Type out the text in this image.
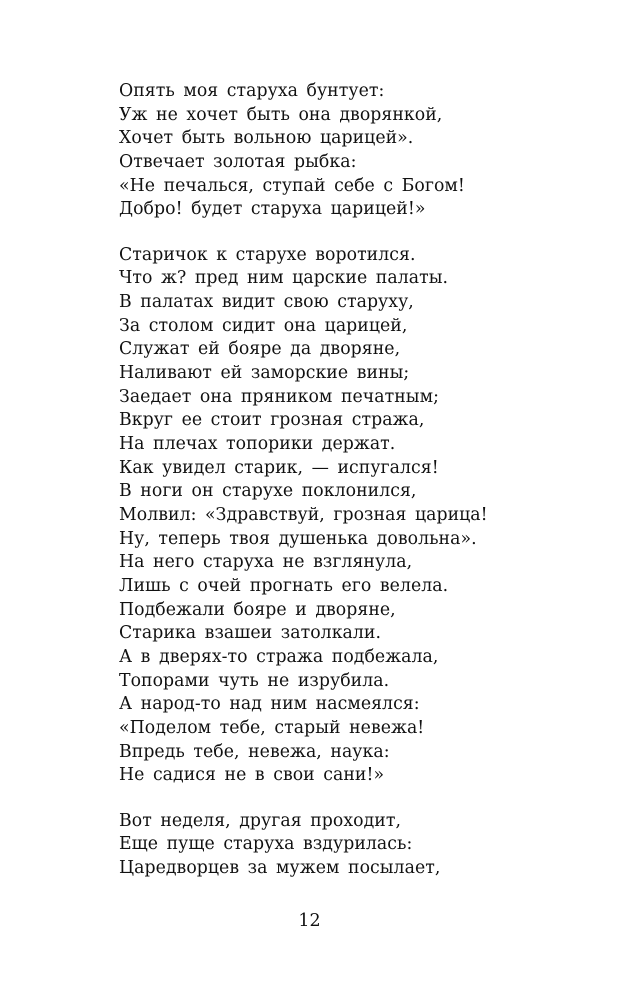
Опять моя старуха бунтует:
Уж не хочет быть она дворянкой,
Хочет быть вольною царицей».
Отвечает золотая рыбка:
«Не печалься, ступай себе с Богом!
Добро! будет старуха царицей!»
Старичок к старухе воротился.
Что ж? пред ним царские палаты.
В палатах видит свою старуху,
За столом сидит она царицей,
Служат ей бояре да дворяне,
Наливают ей заморские вины;
Заедает она пряником печатным;
Вкруг ее стоит грозная стража,
На плечах топорики держат.
Как увидел старик, — испугался!
В ноги он старухе поклонился,
Молвил: «Здравствуй, грозная царица!
Ну, теперь твоя душенька довольна».
На него старуха не взглянула,
Лишь с очей прогнать его велела.
Подбежали бояре и дворяне,
Старика взашеи затолкали.
А в дверях-то стража подбежала,
Топорами чуть не изрубила.
А народ-то над ним насмеялся:
«Поделом тебе, старый невежа!
Впредь тебе, невежа, наука:
Не садися не в свои сани!»
Вот неделя, другая проходит,
Еще пуще старуха вздурилась:
Царедворцев за мужем посылает,
12
